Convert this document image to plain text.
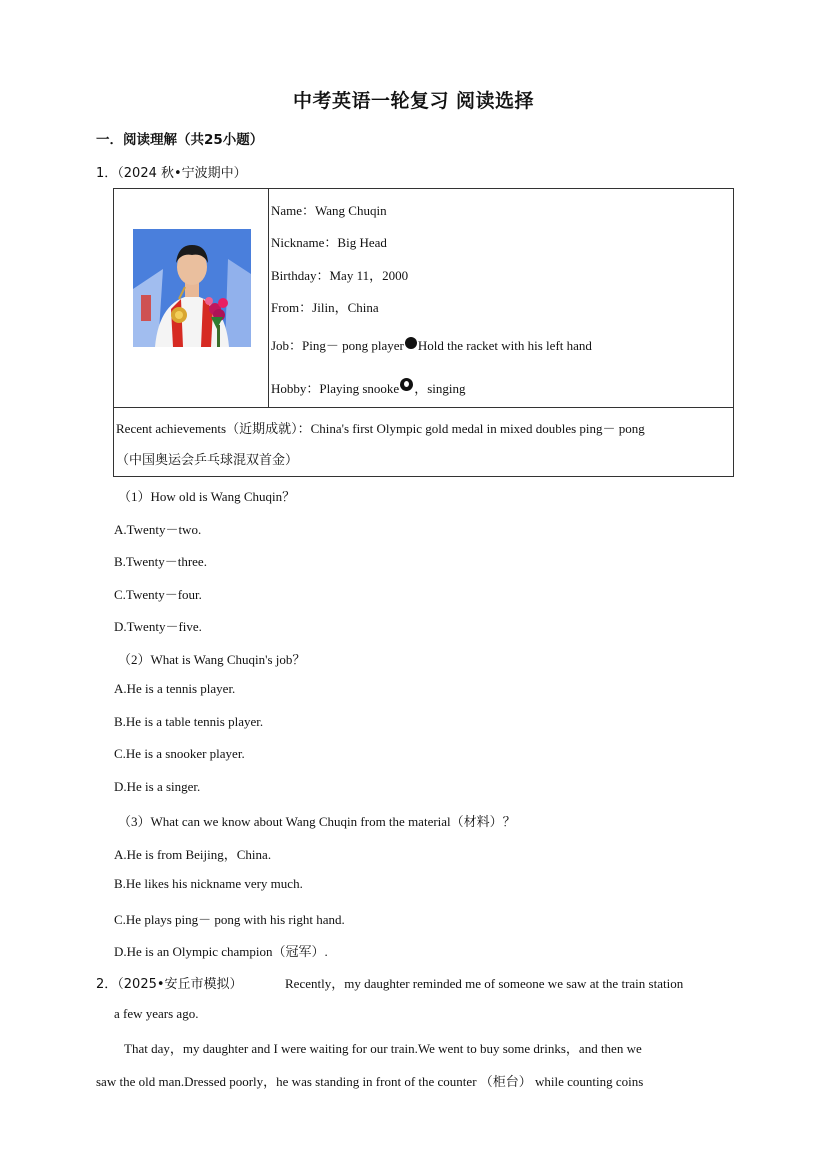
中考英语一轮复习 阅读选择
一．阅读理解（共25小题）
1．（2024 秋•宁波期中）

Name：Wang Chuqin
Nickname：Big Head
Birthday：May 11，2000
From：Jilin，China
Job：Ping－ pong player Hold the racket with his left hand
Hobby：Playing snooke ，singing

Recent achievements（近期成就）：China's first Olympic gold medal in mixed doubles ping－ pong
（中国奥运会乒乓球混双首金）
（1）How old is Wang Chuqin？
A.Twenty－two.
B.Twenty－three.
C.Twenty－four.
D.Twenty－five.
（2）What is Wang Chuqin's job？
A.He is a tennis player.
B.He is a table tennis player.
C.He is a snooker player.
D.He is a singer.
（3）What can we know about Wang Chuqin from the material（材料）？
A.He is from Beijing，China.
B.He likes his nickname very much.
C.He plays ping－ pong with his right hand.
D.He is an Olympic champion（冠军）.
2．（2025•安丘市模拟）	Recently，my daughter reminded me of someone we saw at the train station
a few years ago.
That day，my daughter and I were waiting for our train.We went to buy some drinks，and then we
saw the old man.Dressed poorly，he was standing in front of the counter （柜台） while counting coins
